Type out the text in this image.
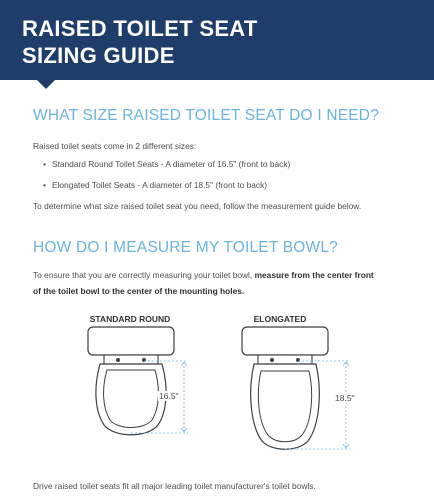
RAISED TOILET SEAT
SIZING GUIDE
WHAT SIZE RAISED TOILET SEAT DO I NEED?
Raised toilet seats come in 2 different sizes:
• Standard Round Toilet Seats - A diameter of 16.5" (front to back)
• Elongated Toilet Seats - A diameter of 18.5" (front to back)
To determine what size raised toilet seat you need, follow the measurement guide below.
HOW DO I MEASURE MY TOILET BOWL?
To ensure that you are correctly measuring your toilet bowl, measure from the center front
of the toilet bowl to the center of the mounting holes.
STANDARD ROUND
16.5"
ELONGATED
18.5"
Drive raised toilet seats fit all major leading toilet manufacturer's toilet bowls.
